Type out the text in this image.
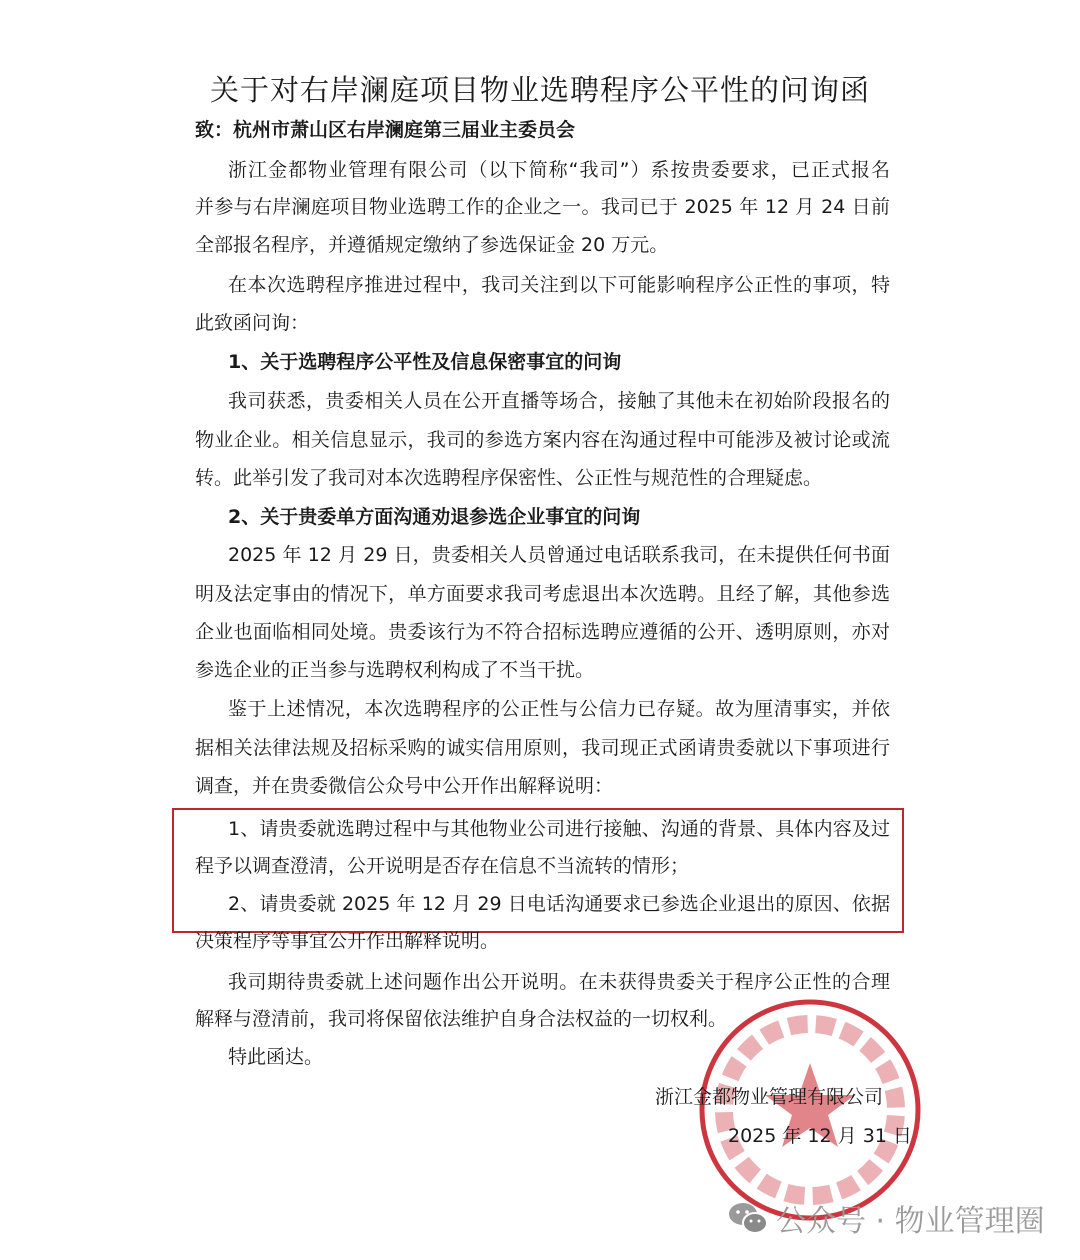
关于对右岸澜庭项目物业选聘程序公平性的问询函
致：杭州市萧山区右岸澜庭第三届业主委员会
浙江金都物业管理有限公司（以下简称“我司”）系按贵委要求，已正式报名
并参与右岸澜庭项目物业选聘工作的企业之一。我司已于 2025 年 12 月 24 日前
全部报名程序，并遵循规定缴纳了参选保证金 20 万元。
在本次选聘程序推进过程中，我司关注到以下可能影响程序公正性的事项，特
此致函问询：
1、关于选聘程序公平性及信息保密事宜的问询
我司获悉，贵委相关人员在公开直播等场合，接触了其他未在初始阶段报名的
物业企业。相关信息显示，我司的参选方案内容在沟通过程中可能涉及被讨论或流
转。此举引发了我司对本次选聘程序保密性、公正性与规范性的合理疑虑。
2、关于贵委单方面沟通劝退参选企业事宜的问询
2025 年 12 月 29 日，贵委相关人员曾通过电话联系我司，在未提供任何书面
明及法定事由的情况下，单方面要求我司考虑退出本次选聘。且经了解，其他参选
企业也面临相同处境。贵委该行为不符合招标选聘应遵循的公开、透明原则，亦对
参选企业的正当参与选聘权利构成了不当干扰。
鉴于上述情况，本次选聘程序的公正性与公信力已存疑。故为厘清事实，并依
据相关法律法规及招标采购的诚实信用原则，我司现正式函请贵委就以下事项进行
调查，并在贵委微信公众号中公开作出解释说明：
1、请贵委就选聘过程中与其他物业公司进行接触、沟通的背景、具体内容及过
程予以调查澄清，公开说明是否存在信息不当流转的情形；
2、请贵委就 2025 年 12 月 29 日电话沟通要求已参选企业退出的原因、依据
决策程序等事宜公开作出解释说明。
我司期待贵委就上述问题作出公开说明。在未获得贵委关于程序公正性的合理
解释与澄清前，我司将保留依法维护自身合法权益的一切权利。
特此函达。
浙江金都物业管理有限公司
2025 年 12 月 31 日
公众号 · 物业管理圈
